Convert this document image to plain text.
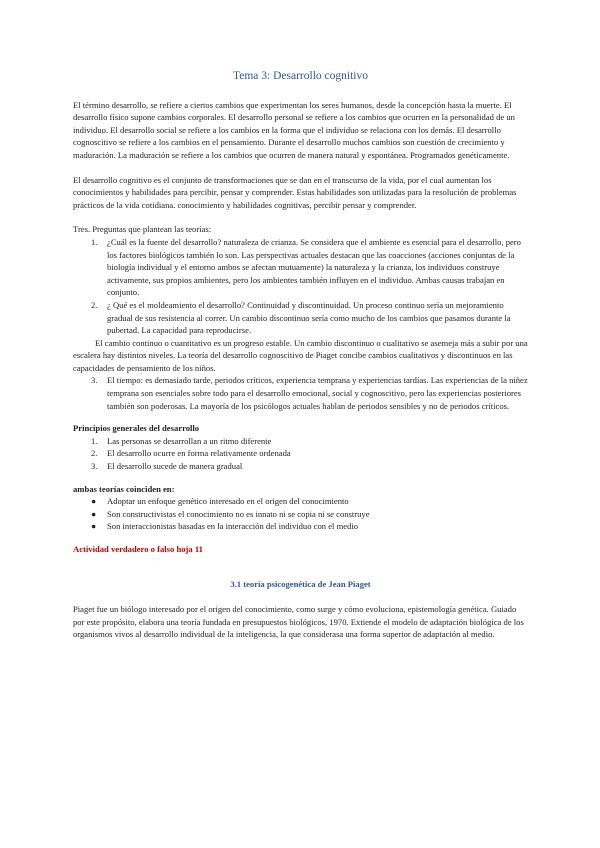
Tema 3: Desarrollo cognitivo

El término desarrollo, se refiere a ciertos cambios que experimentan los seres humanos, desde la concepción hasta la muerte. El desarrollo físico supone cambios corporales. El desarrollo personal se refiere a los cambios que ocurren en la personalidad de un individuo. El desarrollo social se refiere a los cambios en la forma que el individuo se relaciona con los demás. El desarrollo cognoscitivo se refiere a los cambios en el pensamiento. Durante el desarrollo muchos cambios son cuestión de crecimiento y maduración. La maduración se refiere a los cambios que ocurren de manera natural y espontánea. Programados genéticamente.

El desarrollo cognitivo es el conjunto de transformaciones que se dan en el transcurso de la vida, por el cual aumentan los conocimientos y habilidades para percibir, pensar y comprender. Estas habilidades son utilizadas para la resolución de problemas prácticos de la vida cotidiana. conocimiento y habilidades cognitivas, percibir pensar y comprender.

Tres. Preguntas que plantean las teorías:

1. ¿Cuál es la fuente del desarrollo? naturaleza de crianza. Se considera que el ambiente es esencial para el desarrollo, pero los factores biológicos también lo son. Las perspectivas actuales destacan que las coacciones (acciones conjuntas de la biología individual y el entorno ambos se afectan mutuamente) la naturaleza y la crianza, los individuos construye activamente, sus propios ambientes, pero los ambientes también influyen en el individuo. Ambas causas trabajan en conjunto.
2. ¿ Qué es el moldeamiento el desarrollo? Continuidad y discontinuidad. Un proceso continuo sería un mejoramiento gradual de sus resistencia al correr. Un cambio discontinuo sería como mucho de los cambios que pasamos durante la pubertad. La capacidad para reproducirse.

El cambio continuo o cuantitativo es un progreso estable. Un cambio discontinuo o cualitativo se asemeja más a subir por una escalera hay distintos niveles. La teoría del desarrollo cognoscitivo de Piaget concibe cambios cualitativos y discontinuos en las capacidades de pensamiento de los niños.

3. El tiempo: es demasiado tarde, periodos críticos, experiencia temprana y experiencias tardías. Las experiencias de la niñez temprana son esenciales sobre todo para el desarrollo emocional, social y cognoscitivo, pero las experiencias posteriores también son poderosas. La mayoría de los psicólogos actuales hablan de periodos sensibles y no de periodos críticos.
Principios generales del desarrollo
1. Las personas se desarrollan a un ritmo diferente
2. El desarrollo ocurre en forma relativamente ordenada
3. El desarrollo sucede de manera gradual
ambas teorías coinciden en:
● Adoptar un enfoque genético interesado en el origen del conocimiento
● Son constructivistas el conocimiento no es innato ni se copia ni se construye
● Son interaccionistas basadas en la interacción del individuo con el medio
Actividad verdadero o falso hoja 11
3.1 teoría psicogenética de Jean Piaget

Piaget fue un biólogo interesado por el origen del conocimiento, como surge y cómo evoluciona, epistemología genética. Guiado por este propósito, elabora una teoría fundada en presupuestos biológicos, 1970. Extiende el modelo de adaptación biológica de los organismos vivos al desarrollo individual de la inteligencia, la que considerasa una forma superior de adaptación al medio.
